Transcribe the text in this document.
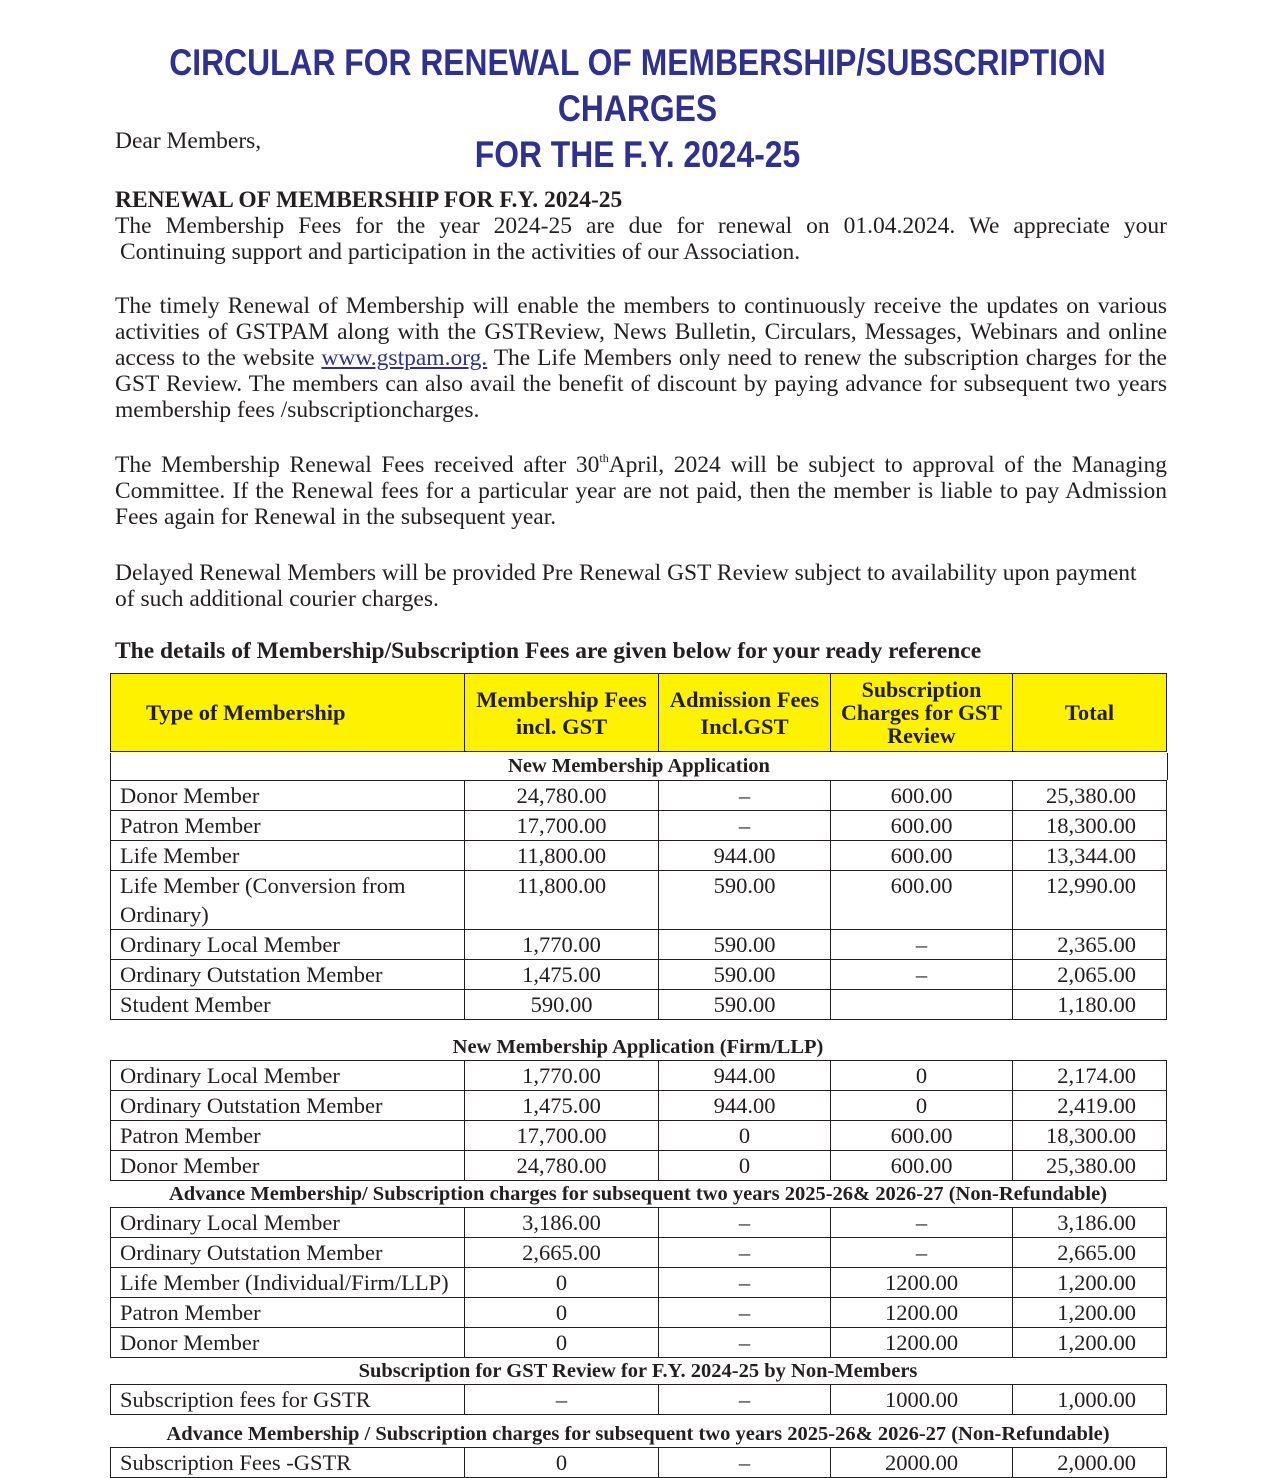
CIRCULAR FOR RENEWAL OF MEMBERSHIP/SUBSCRIPTION CHARGES
FOR THE F.Y. 2024-25

Dear Members,

RENEWAL OF MEMBERSHIP FOR F.Y. 2024-25

The Membership Fees for the year 2024-25 are due for renewal on 01.04.2024. We appreciate your
Continuing support and participation in the activities of our Association.

The timely Renewal of Membership will enable the members to continuously receive the updates on various activities of GSTPAM along with the GSTReview, News Bulletin, Circulars, Messages, Webinars and online access to the website www.gstpam.org. The Life Members only need to renew the subscription charges for the GST Review. The members can also avail the benefit of discount by paying advance for subsequent two years membership fees /subscriptioncharges.

The Membership Renewal Fees received after 30thApril, 2024 will be subject to approval of the Managing Committee. If the Renewal fees for a particular year are not paid, then the member is liable to pay Admission Fees again for Renewal in the subsequent year.

Delayed Renewal Members will be provided Pre Renewal GST Review subject to availability upon payment of such additional courier charges.

The details of Membership/Subscription Fees are given below for your ready reference

Type of Membership	Membership Fees incl. GST	Admission Fees Incl.GST	Subscription Charges for GST Review	Total
New Membership Application
Donor Member	24,780.00	–	600.00	25,380.00
Patron Member	17,700.00	–	600.00	18,300.00
Life Member	11,800.00	944.00	600.00	13,344.00
Life Member (Conversion from Ordinary)	11,800.00	590.00	600.00	12,990.00
Ordinary Local Member	1,770.00	590.00	–	2,365.00
Ordinary Outstation Member	1,475.00	590.00	–	2,065.00
Student Member	590.00	590.00		1,180.00
New Membership Application (Firm/LLP)
Ordinary Local Member	1,770.00	944.00	0	2,174.00
Ordinary Outstation Member	1,475.00	944.00	0	2,419.00
Patron Member	17,700.00	0	600.00	18,300.00
Donor Member	24,780.00	0	600.00	25,380.00
Advance Membership/ Subscription charges for subsequent two years 2025-26& 2026-27 (Non-Refundable)
Ordinary Local Member	3,186.00	–	–	3,186.00
Ordinary Outstation Member	2,665.00	–	–	2,665.00
Life Member (Individual/Firm/LLP)	0	–	1200.00	1,200.00
Patron Member	0	–	1200.00	1,200.00
Donor Member	0	–	1200.00	1,200.00
Subscription for GST Review for F.Y. 2024-25 by Non-Members
Subscription fees for GSTR	–	–	1000.00	1,000.00
Advance Membership / Subscription charges for subsequent two years 2025-26& 2026-27 (Non-Refundable)
Subscription Fees -GSTR	0	–	2000.00	2,000.00
